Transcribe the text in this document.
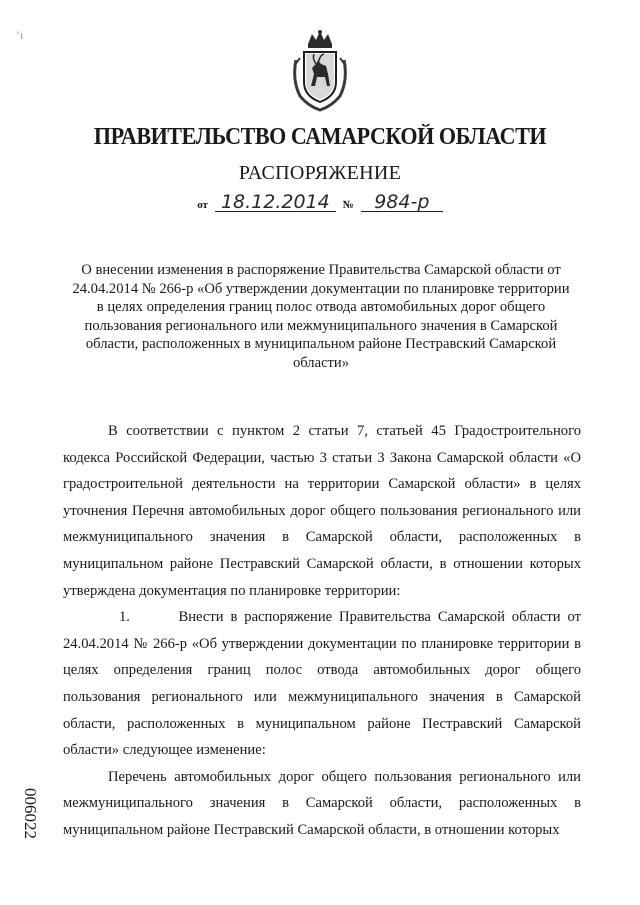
‘ı
ПРАВИТЕЛЬСТВО САМАРСКОЙ ОБЛАСТИ
РАСПОРЯЖЕНИЕ
от 18.12.2014 № 984-р
О внесении изменения в распоряжение Правительства Самарской области от 24.04.2014 № 266-р «Об утверждении документации по планировке территории в целях определения границ полос отвода автомобильных дорог общего пользования регионального или межмуниципального значения в Самарской области, расположенных в муниципальном районе Пестравский Самарской области»

В соответствии с пунктом 2 статьи 7, статьей 45 Градостроительного кодекса Российской Федерации, частью 3 статьи 3 Закона Самарской области «О градостроительной деятельности на территории Самарской области» в целях уточнения Перечня автомобильных дорог общего пользования регионального или межмуниципального значения в Самарской области, расположенных в муниципальном районе Пестравский Самарской области, в отношении которых утверждена документация по планировке территории:

1.	Внести в распоряжение Правительства Самарской области от 24.04.2014 № 266-р «Об утверждении документации по планировке территории в целях определения границ полос отвода автомобильных дорог общего пользования регионального или межмуниципального значения в Самарской области, расположенных в муниципальном районе Пестравский Самарской области» следующее изменение:

Перечень автомобильных дорог общего пользования регионального или межмуниципального значения в Самарской области, расположенных в муниципальном районе Пестравский Самарской области, в отношении которых

006022
